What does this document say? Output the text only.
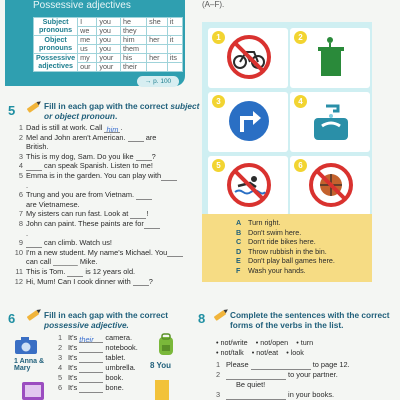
Possessive adjectives
Subject pronouns	I	you	he	she	it
	we	you	they		
Object pronouns	me	you	him	her	it
	us	you	them		
Possessive adjectives	my	your	his	her	its
	our	your	their		
→ p. 100
5	Fill in each gap with the correct subject
or object pronoun.
1 Dad is still at work. Call him .
2 Mel and John aren't American.  are
British.
3 This is my dog, Sam. Do you like ?
4	can speak Spanish. Listen to me!
5 Emma is in the garden. You can play with
.
6 Trung and you are from Vietnam.
are Vietnamese.
7 My sisters can run fast. Look at !
8 John can paint. These paints are for
.
9	can climb. Watch us!
10 I'm a new student. My name's Michael. You
can call ______ Mike.
11 This is Tom.  is 12 years old.
12 Hi, Mum! Can I cook dinner with ?
6	Fill in each gap with the correct
possessive adjective.
1 Anna &
Mary
1 It's their camera.
2 It's	notebook.
3 It's	tablet.
4 It's	umbrella.
5 It's	book.
6 It's	bone.
8 You
(A–F).
1	2
3	4
5	6
A Turn right.
B Don't swim here.
C Don't ride bikes here.
D Throw rubbish in the bin.
E	Don't play ball games here.
F	Wash your hands.
8	Complete the sentences with the correct
forms of the verbs in the list.
• not/write • not/open • turn
• not/talk • not/eat • look
1 Please	to page 12.
2	to your partner.
Be quiet!
3	in your books.
